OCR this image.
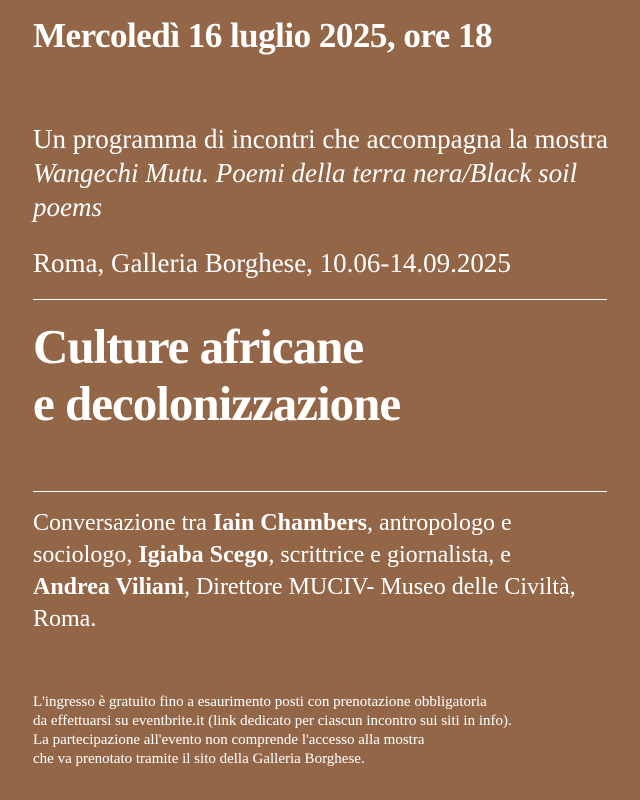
Mercoledì 16 luglio 2025, ore 18
Un programma di incontri che accompagna la mostra Wangechi Mutu. Poemi della terra nera/Black soil poems
Roma, Galleria Borghese, 10.06-14.09.2025
Culture africane
e decolonizzazione
Conversazione tra Iain Chambers, antropologo e sociologo, Igiaba Scego, scrittrice e giornalista, e Andrea Viliani, Direttore MUCIV- Museo delle Civiltà, Roma.
L'ingresso è gratuito fino a esaurimento posti con prenotazione obbligatoria
da effettuarsi su eventbrite.it (link dedicato per ciascun incontro sui siti in info).
La partecipazione all'evento non comprende l'accesso alla mostra
che va prenotato tramite il sito della Galleria Borghese.
